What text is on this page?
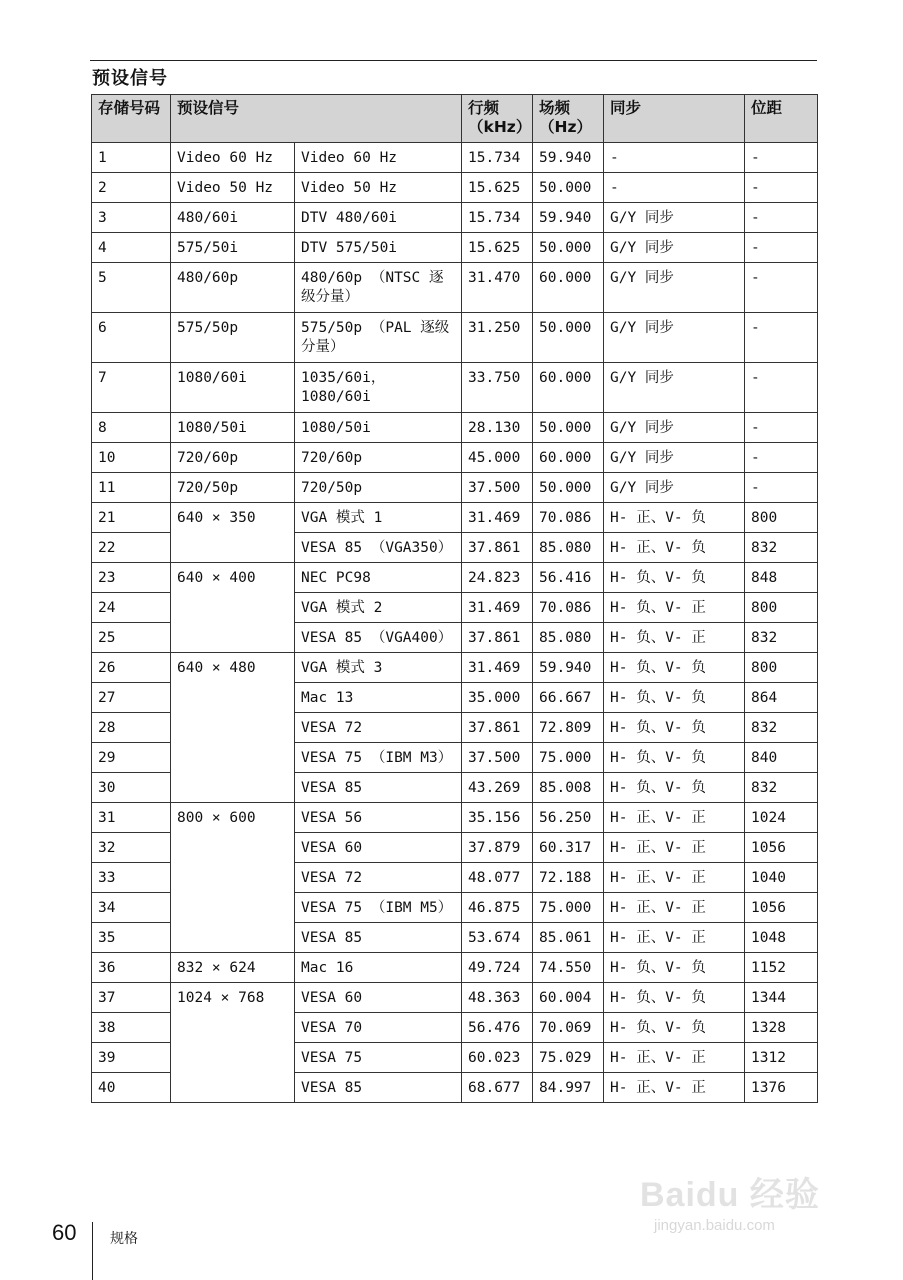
预设信号
存储号码	预设信号		行频（kHz）	场频（Hz）	同步	位距
1	Video 60 Hz	Video 60 Hz	15.734	59.940	-	-
2	Video 50 Hz	Video 50 Hz	15.625	50.000	-	-
3	480/60i	DTV 480/60i	15.734	59.940	G/Y 同步	-
4	575/50i	DTV 575/50i	15.625	50.000	G/Y 同步	-
5	480/60p	480/60p （NTSC 逐级分量）	31.470	60.000	G/Y 同步	-
6	575/50p	575/50p （PAL 逐级分量）	31.250	50.000	G/Y 同步	-
7	1080/60i	1035/60i， 1080/60i	33.750	60.000	G/Y 同步	-
8	1080/50i	1080/50i	28.130	50.000	G/Y 同步	-
10	720/60p	720/60p	45.000	60.000	G/Y 同步	-
11	720/50p	720/50p	37.500	50.000	G/Y 同步	-
21	640 × 350	VGA 模式 1	31.469	70.086	H- 正、V- 负	800
22		VESA 85 （VGA350）	37.861	85.080	H- 正、V- 负	832
23	640 × 400	NEC PC98	24.823	56.416	H- 负、V- 负	848
24		VGA 模式 2	31.469	70.086	H- 负、V- 正	800
25		VESA 85 （VGA400）	37.861	85.080	H- 负、V- 正	832
26	640 × 480	VGA 模式 3	31.469	59.940	H- 负、V- 负	800
27		Mac 13	35.000	66.667	H- 负、V- 负	864
28		VESA 72	37.861	72.809	H- 负、V- 负	832
29		VESA 75 （IBM M3）	37.500	75.000	H- 负、V- 负	840
30		VESA 85	43.269	85.008	H- 负、V- 负	832
31	800 × 600	VESA 56	35.156	56.250	H- 正、V- 正	1024
32		VESA 60	37.879	60.317	H- 正、V- 正	1056
33		VESA 72	48.077	72.188	H- 正、V- 正	1040
34		VESA 75 （IBM M5）	46.875	75.000	H- 正、V- 正	1056
35		VESA 85	53.674	85.061	H- 正、V- 正	1048
36	832 × 624	Mac 16	49.724	74.550	H- 负、V- 负	1152
37	1024 × 768	VESA 60	48.363	60.004	H- 负、V- 负	1344
38		VESA 70	56.476	70.069	H- 负、V- 负	1328
39		VESA 75	60.023	75.029	H- 正、V- 正	1312
40		VESA 85	68.677	84.997	H- 正、V- 正	1376
60 规格
Baidu 经验
jingyan.baidu.com
